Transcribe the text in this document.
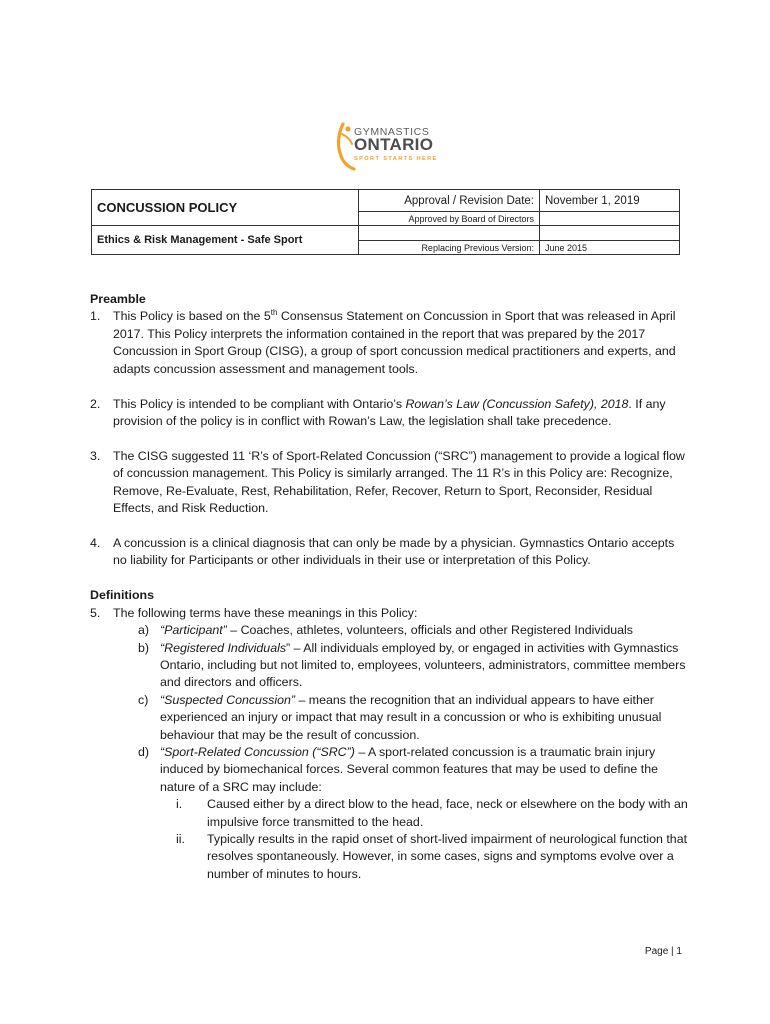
GYMNASTICS
ONTARIO
SPORT STARTS HERE
CONCUSSION POLICY	Approval / Revision Date:	November 1, 2019
	Approved by Board of Directors	
Ethics & Risk Management - Safe Sport		
	Replacing Previous Version:	June 2015
Preamble
1. This Policy is based on the 5th Consensus Statement on Concussion in Sport that was released in April 2017. This Policy interprets the information contained in the report that was prepared by the 2017 Concussion in Sport Group (CISG), a group of sport concussion medical practitioners and experts, and adapts concussion assessment and management tools.
2. This Policy is intended to be compliant with Ontario’s Rowan’s Law (Concussion Safety), 2018. If any provision of the policy is in conflict with Rowan’s Law, the legislation shall take precedence.
3. The CISG suggested 11 ‘R’s of Sport-Related Concussion (“SRC”) management to provide a logical flow of concussion management. This Policy is similarly arranged. The 11 R’s in this Policy are: Recognize, Remove, Re-Evaluate, Rest, Rehabilitation, Refer, Recover, Return to Sport, Reconsider, Residual Effects, and Risk Reduction.
4. A concussion is a clinical diagnosis that can only be made by a physician. Gymnastics Ontario accepts no liability for Participants or other individuals in their use or interpretation of this Policy.
Definitions
5. The following terms have these meanings in this Policy:
a) “Participant” – Coaches, athletes, volunteers, officials and other Registered Individuals
b) “Registered Individuals” – All individuals employed by, or engaged in activities with Gymnastics Ontario, including but not limited to, employees, volunteers, administrators, committee members and directors and officers.
c) “Suspected Concussion” – means the recognition that an individual appears to have either experienced an injury or impact that may result in a concussion or who is exhibiting unusual behaviour that may be the result of concussion.
d) “Sport-Related Concussion (“SRC”) – A sport-related concussion is a traumatic brain injury induced by biomechanical forces. Several common features that may be used to define the nature of a SRC may include:
i. Caused either by a direct blow to the head, face, neck or elsewhere on the body with an impulsive force transmitted to the head.
ii. Typically results in the rapid onset of short-lived impairment of neurological function that resolves spontaneously. However, in some cases, signs and symptoms evolve over a number of minutes to hours.
Page | 1
